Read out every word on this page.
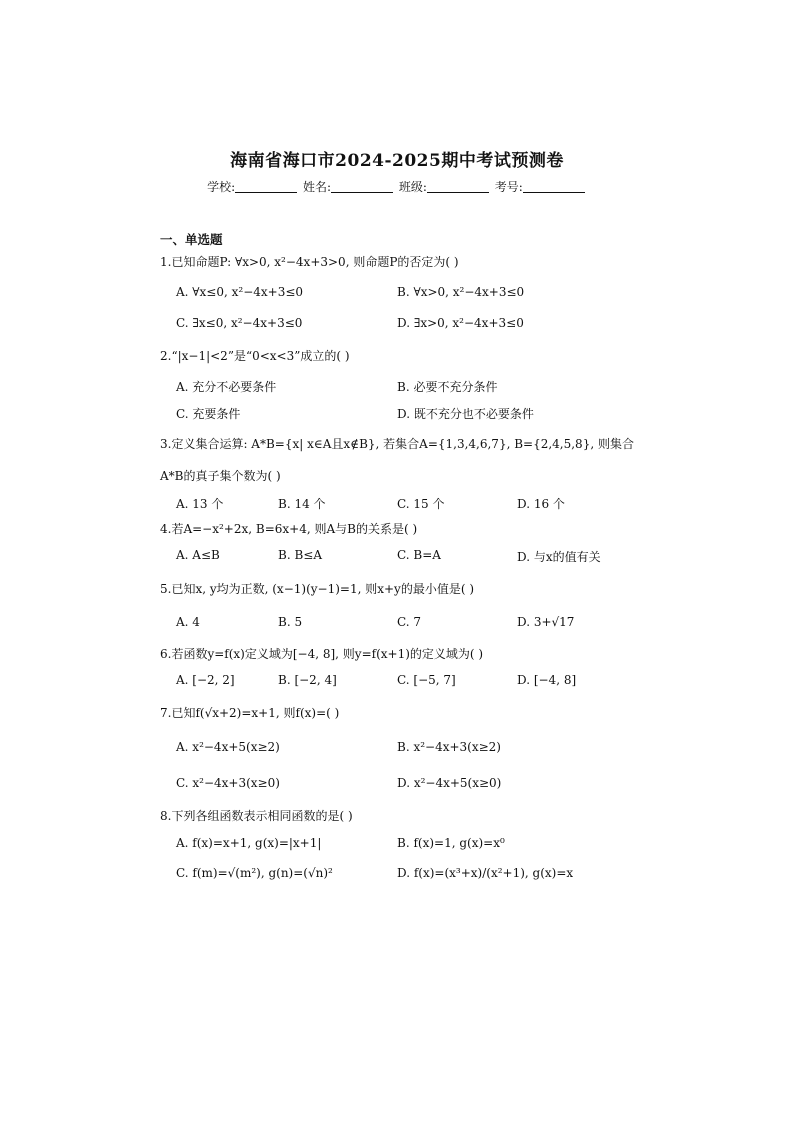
海南省海口市2024-2025期中考试预测卷
学校:	姓名:	班级:	考号:
一、单选题
1.已知命题P: ∀x>0, x²−4x+3>0, 则命题P的否定为( )
A. ∀x≤0, x²−4x+3≤0	B. ∀x>0, x²−4x+3≤0
C. ∃x≤0, x²−4x+3≤0	D. ∃x>0, x²−4x+3≤0
2.“|x−1|<2”是“0<x<3”成立的( )
A. 充分不必要条件	B. 必要不充分条件
C. 充要条件	D. 既不充分也不必要条件
3.定义集合运算: A*B={x| x∈A且x∉B}, 若集合A={1,3,4,6,7}, B={2,4,5,8}, 则集合
A*B的真子集个数为( )
A. 13 个	B. 14 个	C. 15 个	D. 16 个
4.若A=−x²+2x, B=6x+4, 则A与B的关系是( )
A. A≤B	B. B≤A	C. B=A	D. 与x的值有关
5.已知x, y均为正数, (x−1)(y−1)=1, 则x+y的最小值是( )
A. 4	B. 5	C. 7	D. 3+√17
6.若函数y=f(x)定义域为[−4, 8], 则y=f(x+1)的定义域为( )
A. [−2, 2]	B. [−2, 4]	C. [−5, 7]	D. [−4, 8]
7.已知f(√x+2)=x+1, 则f(x)=( )
A. x²−4x+5(x≥2)	B. x²−4x+3(x≥2)
C. x²−4x+3(x≥0)	D. x²−4x+5(x≥0)
8.下列各组函数表示相同函数的是( )
A. f(x)=x+1, g(x)=|x+1|	B. f(x)=1, g(x)=x⁰
C. f(m)=√(m²), g(n)=(√n)²	D. f(x)=(x³+x)/(x²+1), g(x)=x
